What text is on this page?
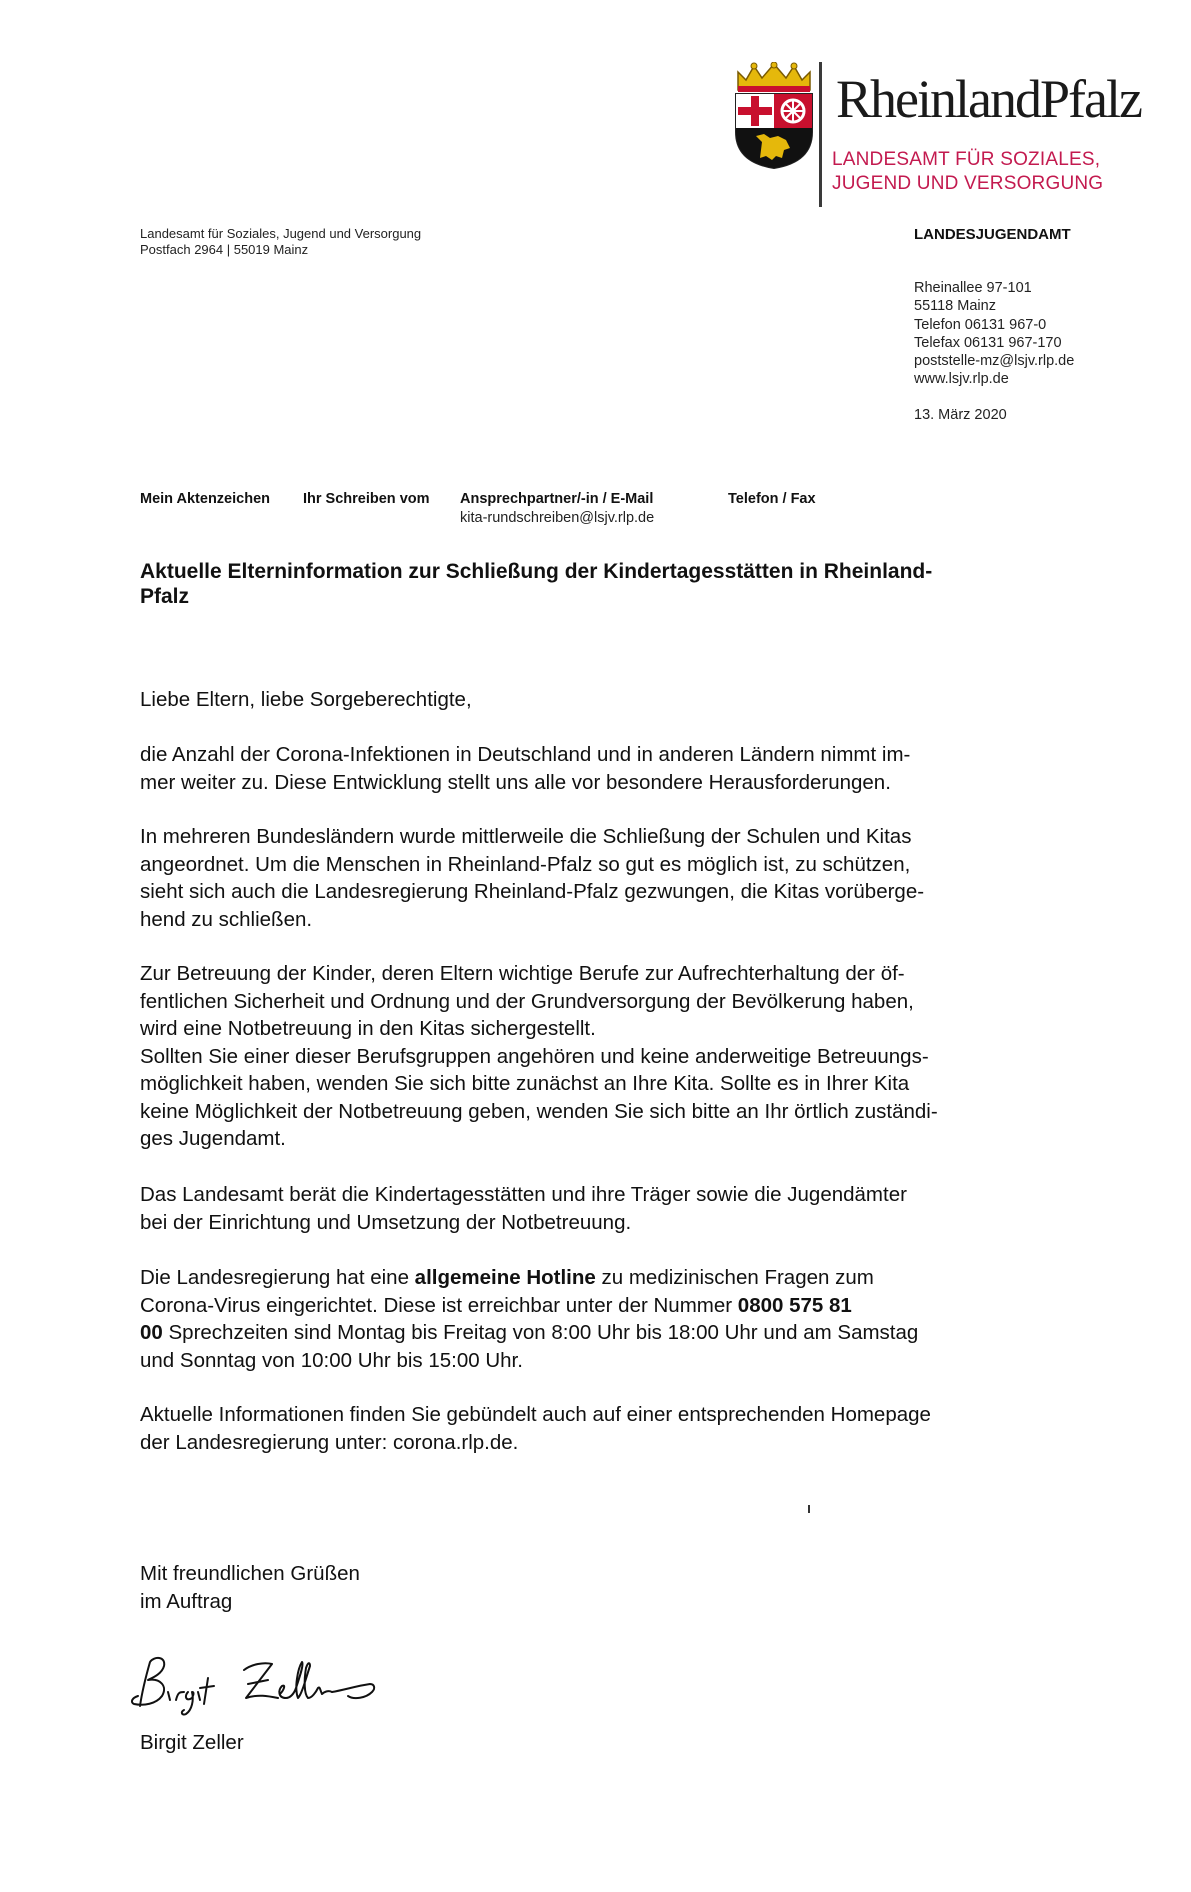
RheinlandPfalz
LANDESAMT FÜR SOZIALES,
JUGEND UND VERSORGUNG
Landesamt für Soziales, Jugend und Versorgung
Postfach 2964 | 55019 Mainz
LANDESJUGENDAMT
Rheinallee 97-101
55118 Mainz
Telefon 06131 967-0
Telefax 06131 967-170
poststelle-mz@lsjv.rlp.de
www.lsjv.rlp.de
13. März 2020
Mein Aktenzeichen Ihr Schreiben vom Ansprechpartner/-in / E-Mail
kita-rundschreiben@lsjv.rlp.de
Telefon / Fax
Aktuelle Elterninformation zur Schließung der Kindertagesstätten in Rheinland-
Pfalz
Liebe Eltern, liebe Sorgeberechtigte,
die Anzahl der Corona-Infektionen in Deutschland und in anderen Ländern nimmt im-
mer weiter zu. Diese Entwicklung stellt uns alle vor besondere Herausforderungen.
In mehreren Bundesländern wurde mittlerweile die Schließung der Schulen und Kitas
angeordnet. Um die Menschen in Rheinland-Pfalz so gut es möglich ist, zu schützen,
sieht sich auch die Landesregierung Rheinland-Pfalz gezwungen, die Kitas vorüberge-
hend zu schließen.
Zur Betreuung der Kinder, deren Eltern wichtige Berufe zur Aufrechterhaltung der öf-
fentlichen Sicherheit und Ordnung und der Grundversorgung der Bevölkerung haben,
wird eine Notbetreuung in den Kitas sichergestellt.
Sollten Sie einer dieser Berufsgruppen angehören und keine anderweitige Betreuungs-
möglichkeit haben, wenden Sie sich bitte zunächst an Ihre Kita. Sollte es in Ihrer Kita
keine Möglichkeit der Notbetreuung geben, wenden Sie sich bitte an Ihr örtlich zuständi-
ges Jugendamt.
Das Landesamt berät die Kindertagesstätten und ihre Träger sowie die Jugendämter
bei der Einrichtung und Umsetzung der Notbetreuung.
Die Landesregierung hat eine allgemeine Hotline zu medizinischen Fragen zum
Corona-Virus eingerichtet. Diese ist erreichbar unter der Nummer 0800 575 81
00 Sprechzeiten sind Montag bis Freitag von 8:00 Uhr bis 18:00 Uhr und am Samstag
und Sonntag von 10:00 Uhr bis 15:00 Uhr.
Aktuelle Informationen finden Sie gebündelt auch auf einer entsprechenden Homepage
der Landesregierung unter: corona.rlp.de.
Mit freundlichen Grüßen
im Auftrag
Birgit Zeller
